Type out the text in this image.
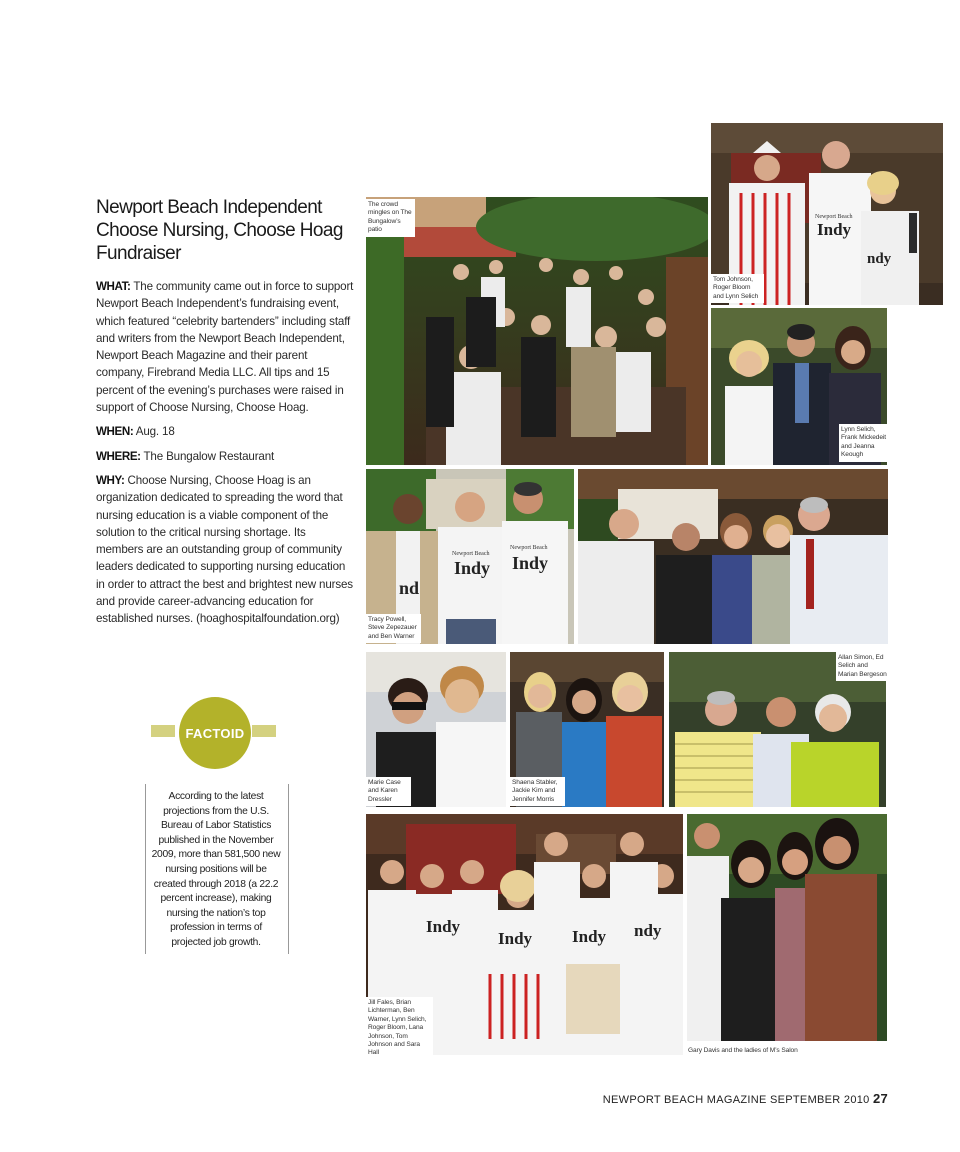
Newport Beach Independent Choose Nursing, Choose Hoag Fundraiser

WHAT: The community came out in force to support Newport Beach Independent’s fundraising event, which featured “celebrity bartenders” including staff and writers from the Newport Beach Independent, Newport Beach Magazine and their parent company, Firebrand Media LLC. All tips and 15 percent of the evening’s purchases were raised in support of Choose Nursing, Choose Hoag.

WHEN: Aug. 18

WHERE: The Bungalow Restaurant

WHY: Choose Nursing, Choose Hoag is an organization dedicated to spreading the word that nursing education is a viable component of the solution to the critical nursing shortage. Its members are an outstanding group of community leaders dedicated to supporting nursing education in order to attract the best and brightest new nurses and provide career-advancing education for established nurses. (hoaghospitalfoundation.org)

FACTOID
According to the latest projections from the U.S. Bureau of Labor Statistics published in the November 2009, more than 581,500 new nursing positions will be created through 2018 (a 22.2 percent increase), making nursing the nation’s top profession in terms of projected job growth.
The crowd mingles on The Bungalow’s patio
Newport Beach
Indy
ndy
Tom Johnson, Roger Bloom and Lynn Selich
Lynn Selich, Frank Mickedeit and Jeanna Keough
nd
Newport Beach
Indy
Newport Beach
Indy
Tracy Powell, Steve Zepezauer and Ben Warner
Marie Case and Karen Dressler
Shaena Stabler, Jackie Kim and Jennifer Morris
Allan Simon, Ed Selich and Marian Bergeson
Indy
Indy Indy ndy
Jill Fales, Brian Lichterman, Ben Warner, Lynn Selich, Roger Bloom, Lana Johnson, Tom Johnson and Sara Hall	Gary Davis and the ladies of M’s Salon
NEWPORT BEACH MAGAZINE SEPTEMBER 2010 27
